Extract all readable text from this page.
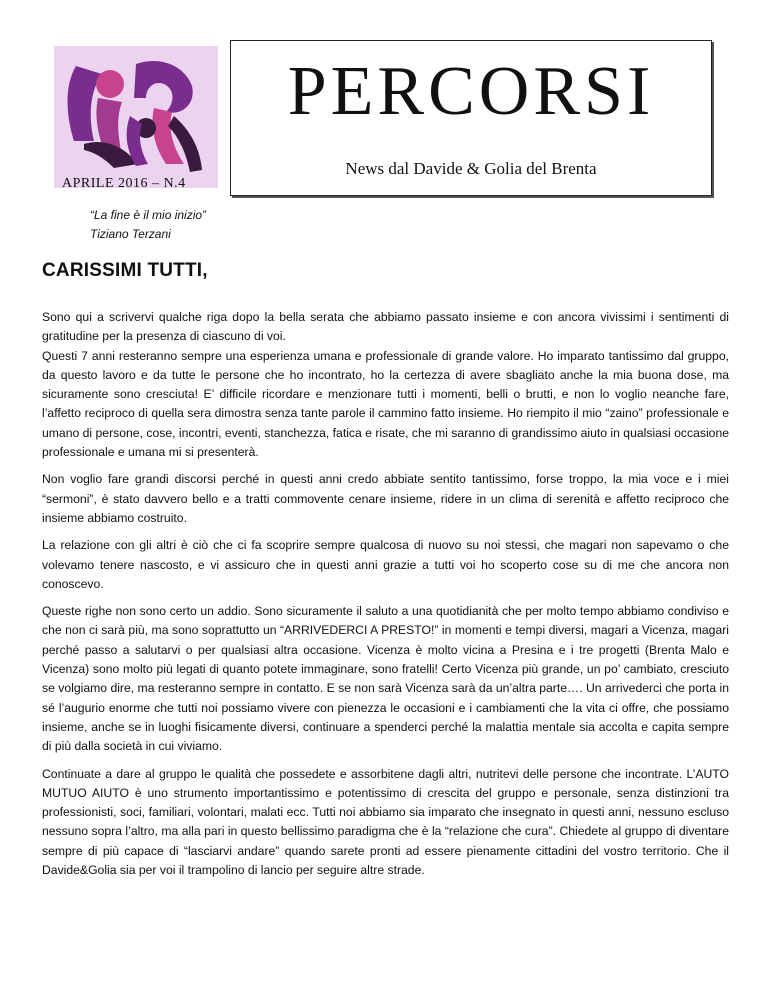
APRILE 2016 – N.4
PERCORSI
News dal Davide & Golia del Brenta
“La fine è il mio inizio”
Tiziano Terzani
CARISSIMI TUTTI,
Sono qui a scrivervi qualche riga dopo la bella serata che abbiamo passato insieme e con ancora vivissimi i sentimenti di gratitudine per la presenza di ciascuno di voi.
Questi 7 anni resteranno sempre una esperienza umana e professionale di grande valore. Ho imparato tantissimo dal gruppo, da questo lavoro e da tutte le persone che ho incontrato, ho la certezza di avere sbagliato anche la mia buona dose, ma sicuramente sono cresciuta! E’ difficile ricordare e menzionare tutti i momenti, belli o brutti, e non lo voglio neanche fare, l’affetto reciproco di quella sera dimostra senza tante parole il cammino fatto insieme. Ho riempito il mio “zaino” professionale e umano di persone, cose, incontri, eventi, stanchezza, fatica e risate, che mi saranno di grandissimo aiuto in qualsiasi occasione professionale e umana mi si presenterà.

Non voglio fare grandi discorsi perché in questi anni credo abbiate sentito tantissimo, forse troppo, la mia voce e i miei “sermoni”, è stato davvero bello e a tratti commovente cenare insieme, ridere in un clima di serenità e affetto reciproco che insieme abbiamo costruito.

La relazione con gli altri è ciò che ci fa scoprire sempre qualcosa di nuovo su noi stessi, che magari non sapevamo o che volevamo tenere nascosto, e vi assicuro che in questi anni grazie a tutti voi ho scoperto cose su di me che ancora non conoscevo.

Queste righe non sono certo un addio. Sono sicuramente il saluto a una quotidianità che per molto tempo abbiamo condiviso e che non ci sarà più, ma sono soprattutto un “ARRIVEDERCI A PRESTO!” in momenti e tempi diversi, magari a Vicenza, magari perché passo a salutarvi o per qualsiasi altra occasione. Vicenza è molto vicina a Presina e i tre progetti (Brenta Malo e Vicenza) sono molto più legati di quanto potete immaginare, sono fratelli! Certo Vicenza più grande, un po’ cambiato, cresciuto se volgiamo dire, ma resteranno sempre in contatto. E se non sarà Vicenza sarà da un’altra parte…. Un arrivederci che porta in sé l’augurio enorme che tutti noi possiamo vivere con pienezza le occasioni e i cambiamenti che la vita ci offre, che possiamo insieme, anche se in luoghi fisicamente diversi, continuare a spenderci perché la malattia mentale sia accolta e capita sempre di più dalla società in cui viviamo.

Continuate a dare al gruppo le qualità che possedete e assorbitene dagli altri, nutritevi delle persone che incontrate. L’AUTO MUTUO AIUTO è uno strumento importantissimo e potentissimo di crescita del gruppo e personale, senza distinzioni tra professionisti, soci, familiari, volontari, malati ecc. Tutti noi abbiamo sia imparato che insegnato in questi anni, nessuno escluso nessuno sopra l’altro, ma alla pari in questo bellissimo paradigma che è la “relazione che cura”. Chiedete al gruppo di diventare sempre di più capace di “lasciarvi andare” quando sarete pronti ad essere pienamente cittadini del vostro territorio. Che il Davide&Golia sia per voi il trampolino di lancio per seguire altre strade.
